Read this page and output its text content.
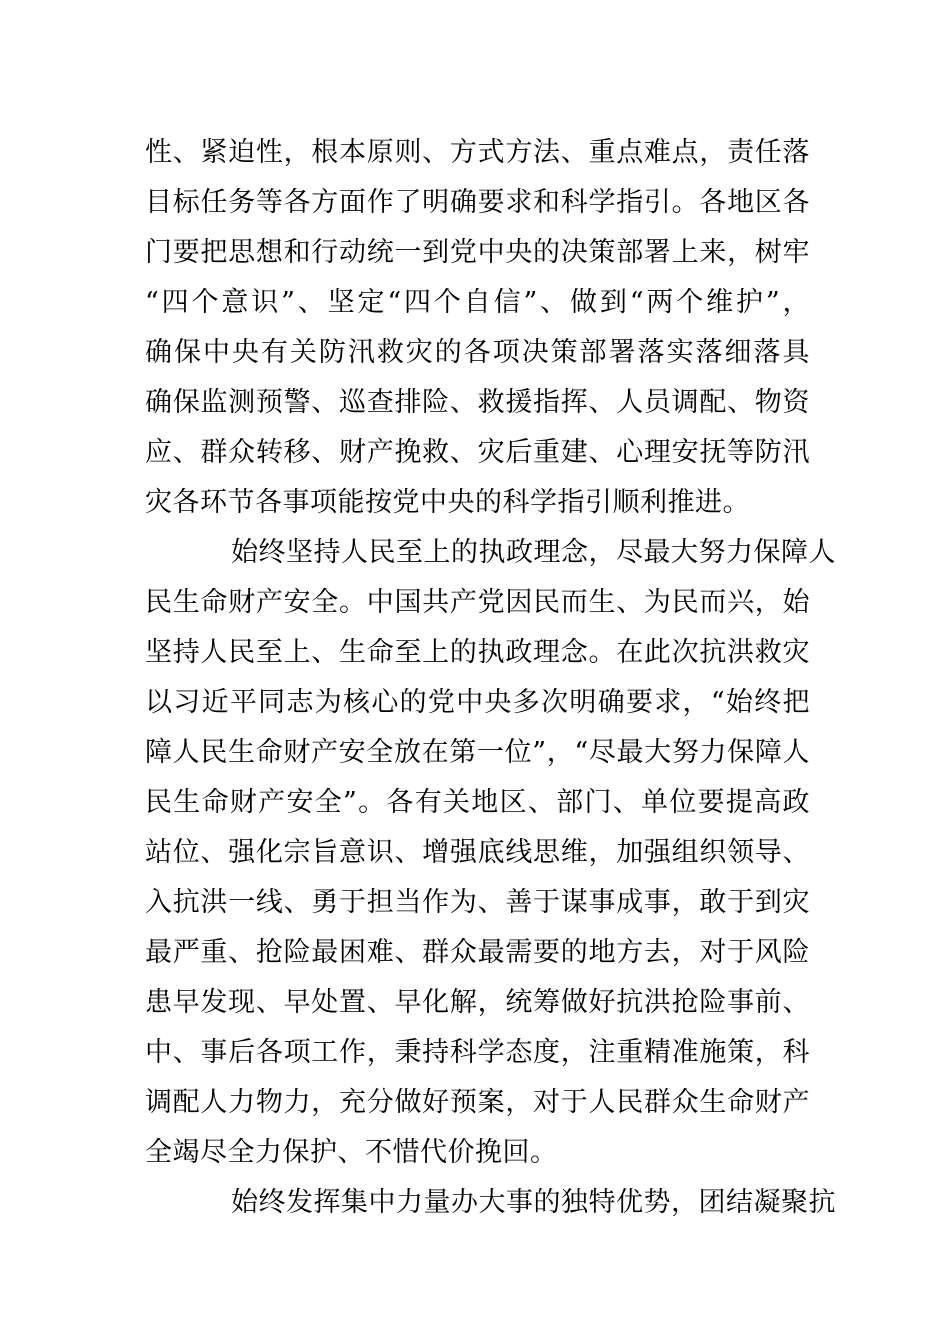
性、紧迫性，根本原则、方式方法、重点难点，责任落
目标任务等各方面作了明确要求和科学指引。各地区各
门要把思想和行动统一到党中央的决策部署上来，树牢
“四个意识”、坚定“四个自信”、做到“两个维护”，
确保中央有关防汛救灾的各项决策部署落实落细落具
确保监测预警、巡查排险、救援指挥、人员调配、物资
应、群众转移、财产挽救、灾后重建、心理安抚等防汛
灾各环节各事项能按党中央的科学指引顺利推进。
始终坚持人民至上的执政理念，尽最大努力保障人
民生命财产安全。中国共产党因民而生、为民而兴，始
坚持人民至上、生命至上的执政理念。在此次抗洪救灾
以习近平同志为核心的党中央多次明确要求，“始终把
障人民生命财产安全放在第一位”，“尽最大努力保障人
民生命财产安全”。各有关地区、部门、单位要提高政
站位、强化宗旨意识、增强底线思维，加强组织领导、
入抗洪一线、勇于担当作为、善于谋事成事，敢于到灾
最严重、抢险最困难、群众最需要的地方去，对于风险
患早发现、早处置、早化解，统筹做好抗洪抢险事前、
中、事后各项工作，秉持科学态度，注重精准施策，科
调配人力物力，充分做好预案，对于人民群众生命财产
全竭尽全力保护、不惜代价挽回。
始终发挥集中力量办大事的独特优势，团结凝聚抗
